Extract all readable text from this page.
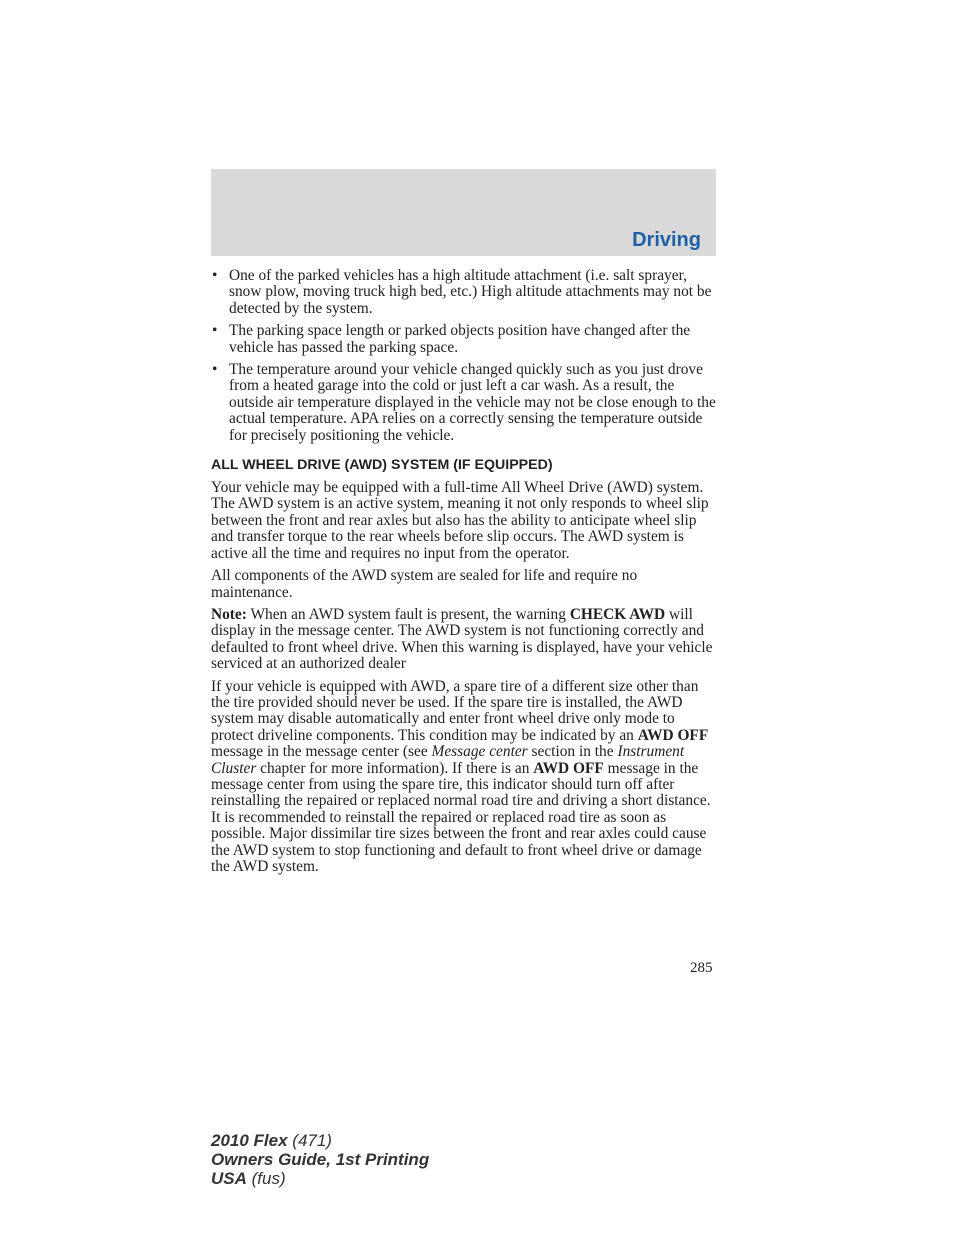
Driving
• One of the parked vehicles has a high altitude attachment (i.e. salt sprayer, snow plow, moving truck high bed, etc.) High altitude attachments may not be detected by the system.
• The parking space length or parked objects position have changed after the vehicle has passed the parking space.
• The temperature around your vehicle changed quickly such as you just drove from a heated garage into the cold or just left a car wash. As a result, the outside air temperature displayed in the vehicle may not be close enough to the actual temperature. APA relies on a correctly sensing the temperature outside for precisely positioning the vehicle.
ALL WHEEL DRIVE (AWD) SYSTEM (IF EQUIPPED)

Your vehicle may be equipped with a full-time All Wheel Drive (AWD) system. The AWD system is an active system, meaning it not only responds to wheel slip between the front and rear axles but also has the ability to anticipate wheel slip and transfer torque to the rear wheels before slip occurs. The AWD system is active all the time and requires no input from the operator.

All components of the AWD system are sealed for life and require no maintenance.

Note: When an AWD system fault is present, the warning CHECK AWD will display in the message center. The AWD system is not functioning correctly and defaulted to front wheel drive. When this warning is displayed, have your vehicle serviced at an authorized dealer

If your vehicle is equipped with AWD, a spare tire of a different size other than the tire provided should never be used. If the spare tire is installed, the AWD system may disable automatically and enter front wheel drive only mode to protect driveline components. This condition may be indicated by an AWD OFF message in the message center (see Message center section in the Instrument Cluster chapter for more information). If there is an AWD OFF message in the message center from using the spare tire, this indicator should turn off after reinstalling the repaired or replaced normal road tire and driving a short distance. It is recommended to reinstall the repaired or replaced road tire as soon as possible. Major dissimilar tire sizes between the front and rear axles could cause the AWD system to stop functioning and default to front wheel drive or damage the AWD system.

285
2010 Flex (471)
Owners Guide, 1st Printing
USA (fus)
